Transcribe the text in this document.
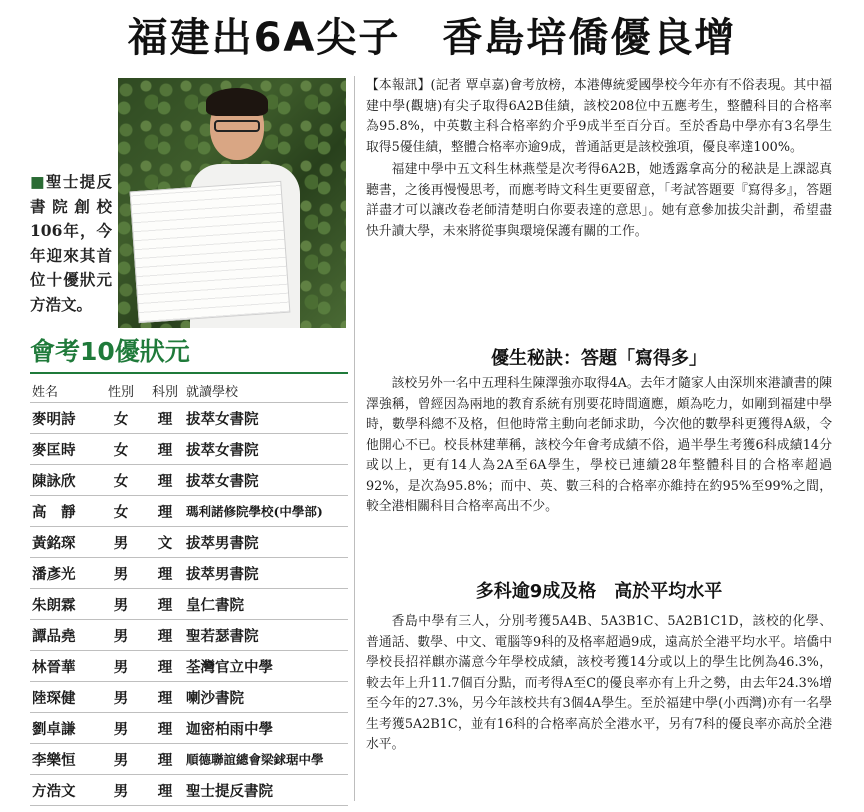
福建出6A尖子　香島培僑優良增
■聖士提反書院創校106年，今年迎來其首位十優狀元方浩文。
會考10優狀元
姓名	性別	科別	就讀學校
麥明詩	女	理	拔萃女書院
麥匡時	女	理	拔萃女書院
陳詠欣	女	理	拔萃女書院
高　靜	女	理	瑪利諾修院學校(中學部)
黃銘琛	男	文	拔萃男書院
潘彥光	男	理	拔萃男書院
朱朗霖	男	理	皇仁書院
譚品堯	男	理	聖若瑟書院
林晉華	男	理	荃灣官立中學
陸琛健	男	理	喇沙書院
劉卓謙	男	理	迦密柏雨中學
李樂恒	男	理	順德聯誼總會梁銶琚中學
方浩文	男	理	聖士提反書院

【本報訊】(記者 覃卓嘉)會考放榜，本港傳統愛國學校今年亦有不俗表現。其中福建中學(觀塘)有尖子取得6A2B佳績，該校208位中五應考生，整體科目的合格率為95.8%，中英數主科合格率約介乎9成半至百分百。至於香島中學亦有3名學生取得5優佳績，整體合格率亦逾9成，普通話更是該校強項，優良率達100%。

福建中學中五文科生林燕瑩是次考得6A2B，她透露拿高分的秘訣是上課認真聽書，之後再慢慢思考，而應考時文科生更要留意，「考試答題要『寫得多』，答題詳盡才可以讓改卷老師清楚明白你要表達的意思」。她有意參加拔尖計劃，希望盡快升讀大學，未來將從事與環境保護有關的工作。

優生秘訣：答題「寫得多」

該校另外一名中五理科生陳澤強亦取得4A。去年才隨家人由深圳來港讀書的陳澤強稱，曾經因為兩地的教育系統有別要花時間適應，頗為吃力，如剛到福建中學時，數學科總不及格，但他時常主動向老師求助，今次他的數學科更獲得A級，令他開心不已。校長林建華稱，該校今年會考成績不俗，過半學生考獲6科成績14分或以上，更有14人為2A至6A學生，學校已連續28年整體科目的合格率超過92%，是次為95.8%；而中、英、數三科的合格率亦維持在約95%至99%之間，較全港相關科目合格率高出不少。

多科逾9成及格　高於平均水平

香島中學有三人，分別考獲5A4B、5A3B1C、5A2B1C1D，該校的化學、普通話、數學、中文、電腦等9科的及格率超過9成，遠高於全港平均水平。培僑中學校長招祥麒亦滿意今年學校成績，該校考獲14分或以上的學生比例為46.3%，較去年上升11.7個百分點，而考得A至C的優良率亦有上升之勢，由去年24.3%增至今年的27.3%，另今年該校共有3個4A學生。至於福建中學(小西灣)亦有一名學生考獲5A2B1C，並有16科的合格率高於全港水平，另有7科的優良率亦高於全港水平。
